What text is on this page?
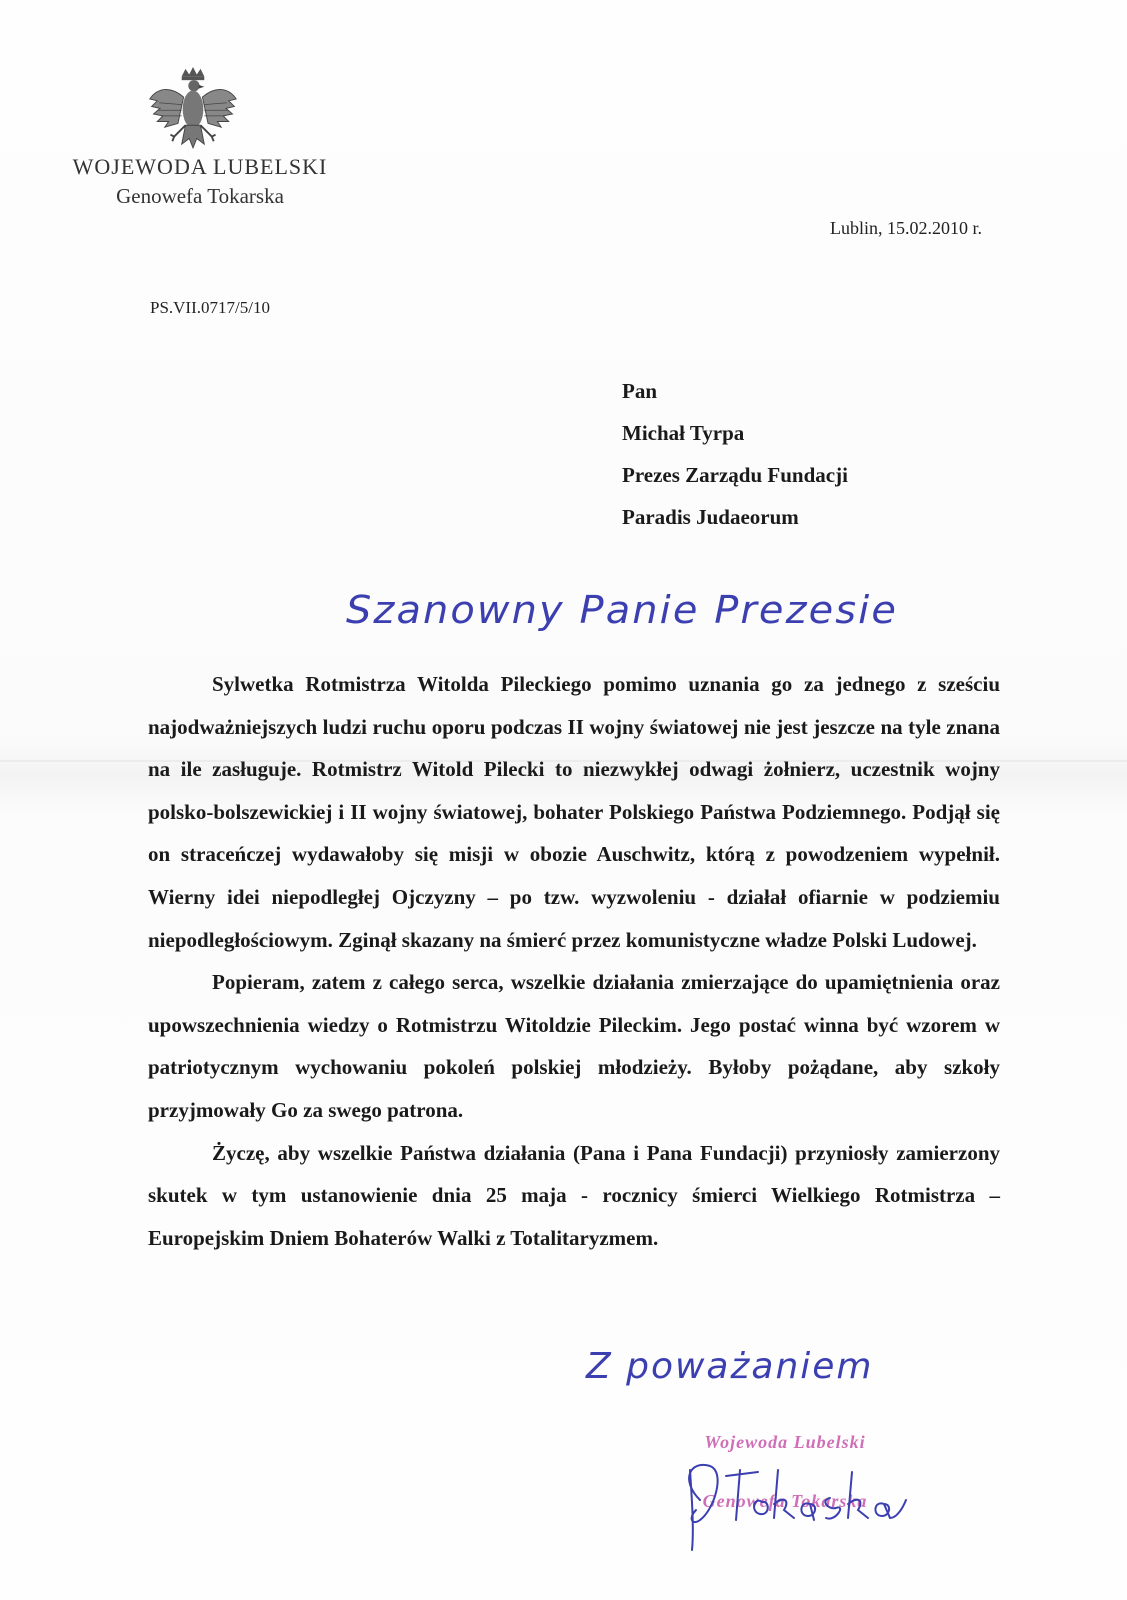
WOJEWODA LUBELSKI
Genowefa Tokarska
Lublin, 15.02.2010 r.
PS.VII.0717/5/10
Pan
Michał Tyrpa
Prezes Zarządu Fundacji
Paradis Judaeorum
Szanowny Panie Prezesie

Sylwetka Rotmistrza Witolda Pileckiego pomimo uznania go za jednego z sześciu najodważniejszych ludzi ruchu oporu podczas II wojny światowej nie jest jeszcze na tyle znana na ile zasługuje. Rotmistrz Witold Pilecki to niezwykłej odwagi żołnierz, uczestnik wojny polsko-bolszewickiej i II wojny światowej, bohater Polskiego Państwa Podziemnego. Podjął się on straceńczej wydawałoby się misji w obozie Auschwitz, którą z powodzeniem wypełnił. Wierny idei niepodległej Ojczyzny – po tzw. wyzwoleniu - działał ofiarnie w podziemiu niepodległościowym. Zginął skazany na śmierć przez komunistyczne władze Polski Ludowej.

Popieram, zatem z całego serca, wszelkie działania zmierzające do upamiętnienia oraz upowszechnienia wiedzy o Rotmistrzu Witoldzie Pileckim. Jego postać winna być wzorem w patriotycznym wychowaniu pokoleń polskiej młodzieży. Byłoby pożądane, aby szkoły przyjmowały Go za swego patrona.

Życzę, aby wszelkie Państwa działania (Pana i Pana Fundacji) przyniosły zamierzony skutek w tym ustanowienie dnia 25 maja - rocznicy śmierci Wielkiego Rotmistrza – Europejskim Dniem Bohaterów Walki z Totalitaryzmem.

Z poważaniem
Wojewoda Lubelski
Genowefa Tokarska
